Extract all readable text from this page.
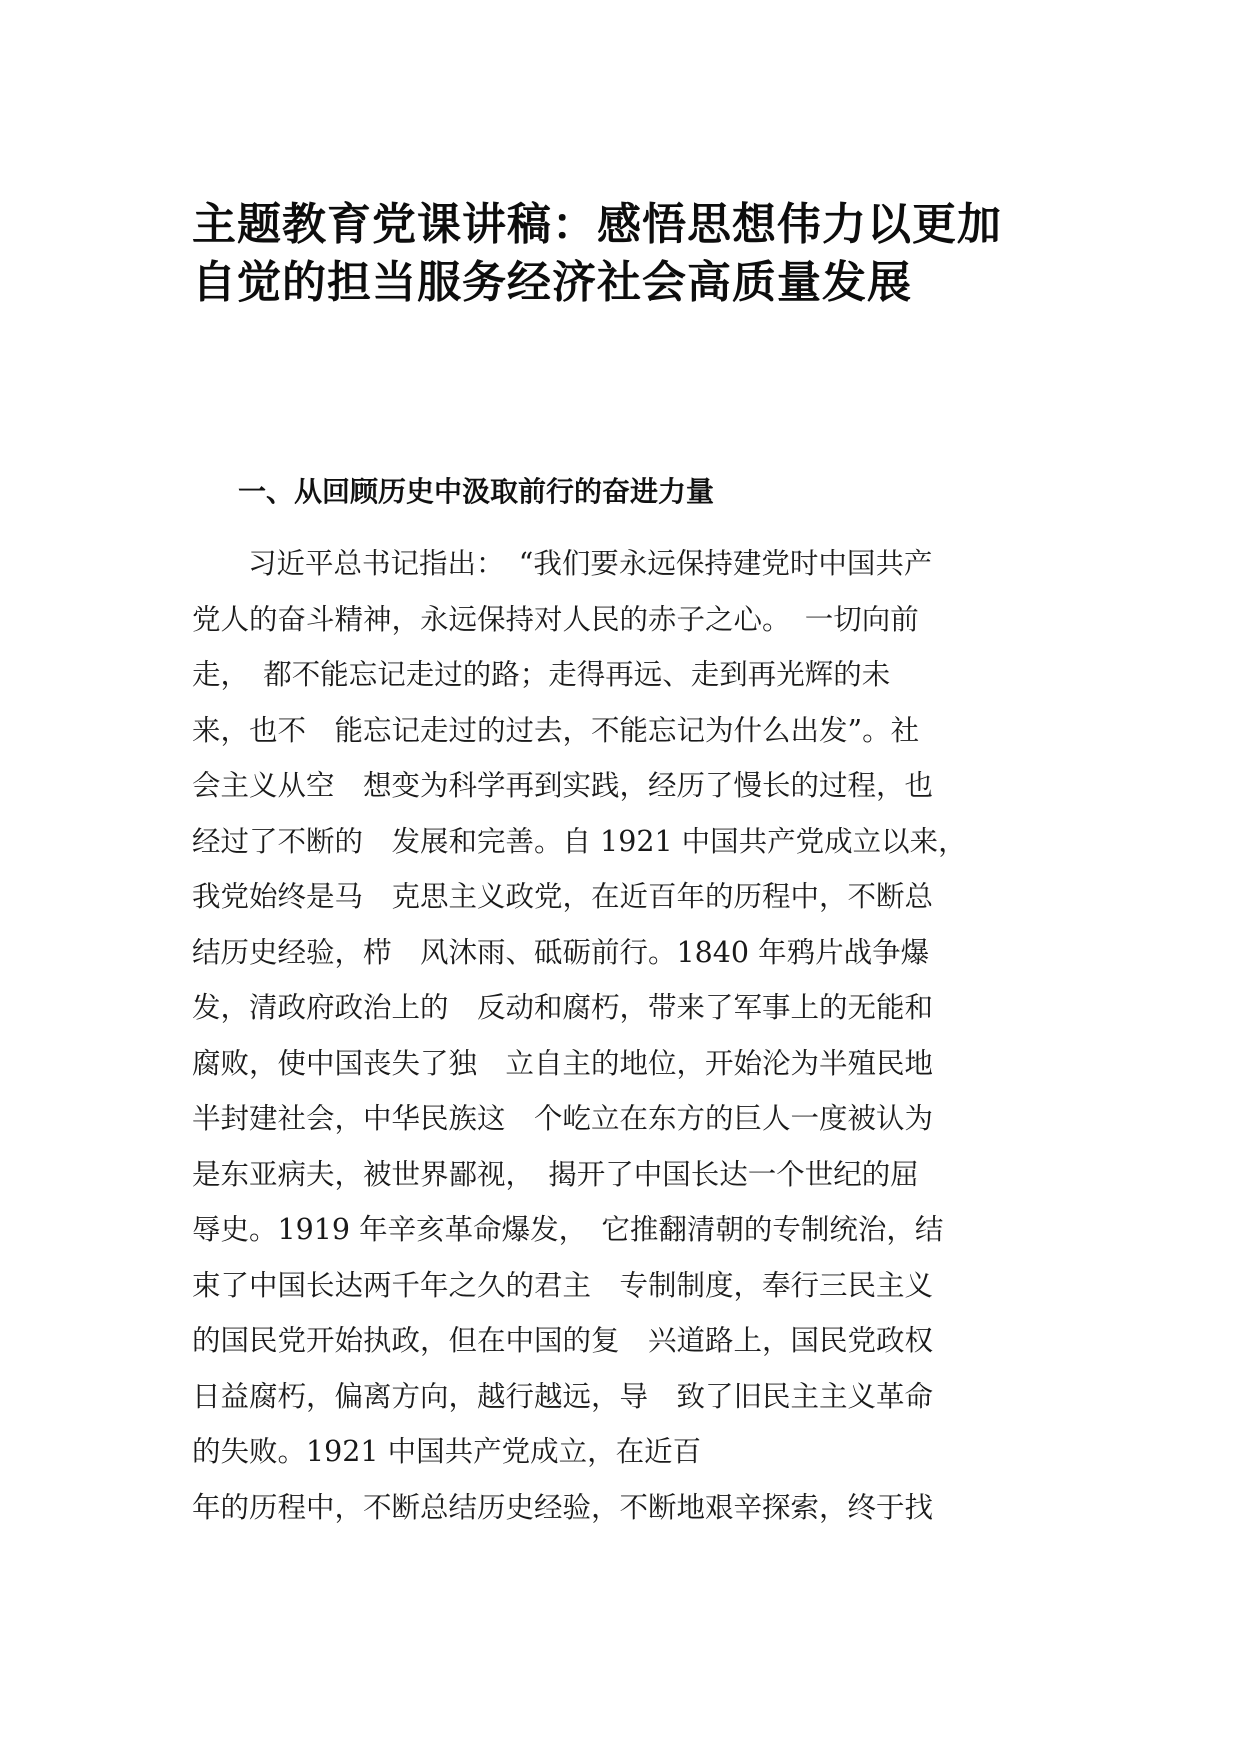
主题教育党课讲稿：感悟思想伟力以更加
自觉的担当服务经济社会高质量发展
一、从回顾历史中汲取前行的奋进力量
习近平总书记指出：　“我们要永远保持建党时中国共产
党人的奋斗精神，永远保持对人民的赤子之心。　一切向前
走，　都不能忘记走过的路；走得再远、走到再光辉的未
来，也不　能忘记走过的过去，不能忘记为什么出发”。社
会主义从空　想变为科学再到实践，经历了慢长的过程，也
经过了不断的　发展和完善。自 1921 中国共产党成立以来，
我党始终是马　克思主义政党，在近百年的历程中，不断总
结历史经验，栉　风沐雨、砥砺前行。1840 年鸦片战争爆
发，清政府政治上的　反动和腐朽，带来了军事上的无能和
腐败，使中国丧失了独　立自主的地位，开始沦为半殖民地
半封建社会，中华民族这　个屹立在东方的巨人一度被认为
是东亚病夫，被世界鄙视，　揭开了中国长达一个世纪的屈
辱史。1919 年辛亥革命爆发，　它推翻清朝的专制统治，结
束了中国长达两千年之久的君主　专制制度，奉行三民主义
的国民党开始执政，但在中国的复　兴道路上，国民党政权
日益腐朽，偏离方向，越行越远，导　致了旧民主主义革命
的失败。1921 中国共产党成立，在近百
年的历程中，不断总结历史经验，不断地艰辛探索，终于找
